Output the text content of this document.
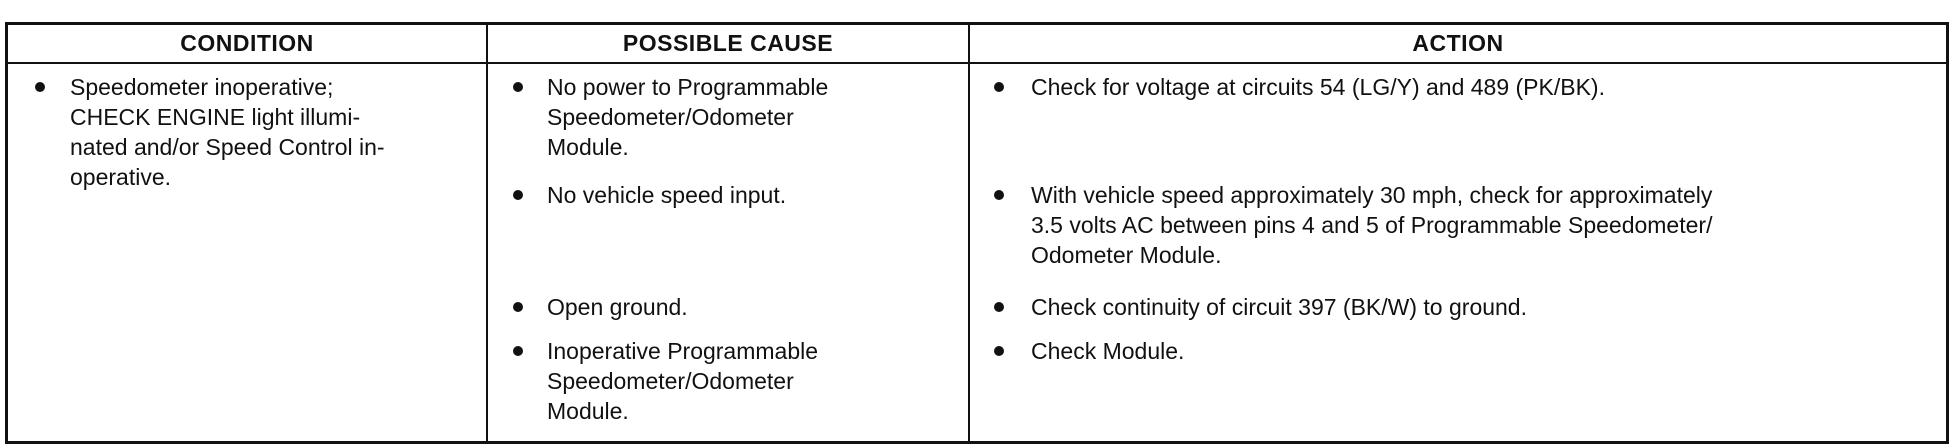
CONDITION	POSSIBLE CAUSE	ACTION
Speedometer inoperative;
CHECK ENGINE light illumi-
nated and/or Speed Control in-
operative.
No power to Programmable
Speedometer/Odometer
Module.
No vehicle speed input.
Open ground.
Inoperative Programmable
Speedometer/Odometer
Module.
Check for voltage at circuits 54 (LG/Y) and 489 (PK/BK).
With vehicle speed approximately 30 mph, check for approximately
3.5 volts AC between pins 4 and 5 of Programmable Speedometer/
Odometer Module.
Check continuity of circuit 397 (BK/W) to ground.
Check Module.
